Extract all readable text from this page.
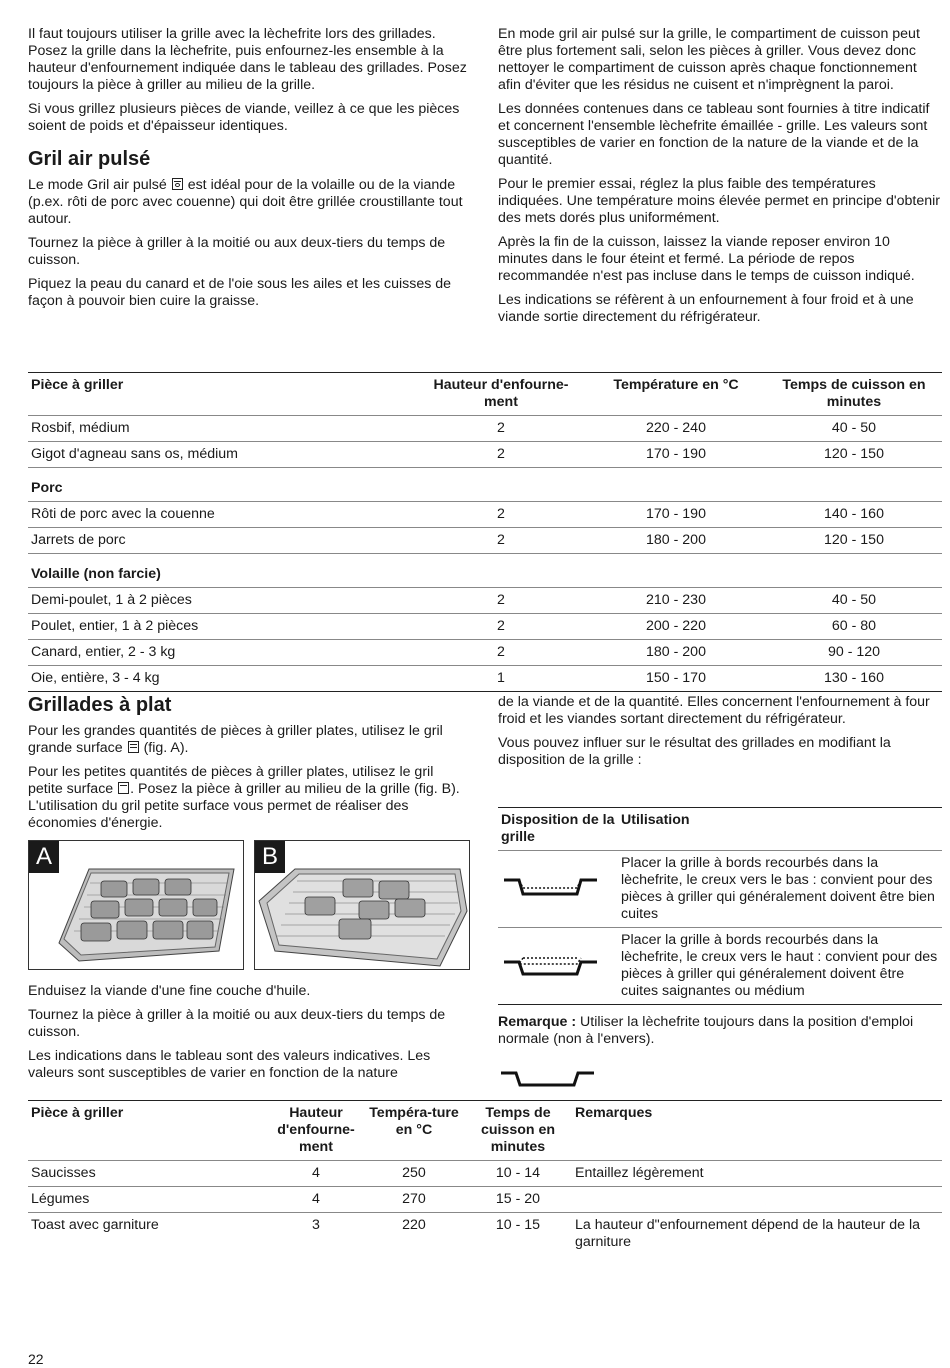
Il faut toujours utiliser la grille avec la lèchefrite lors des grillades. Posez la grille dans la lèchefrite, puis enfournez-les ensemble à la hauteur d'enfournement indiquée dans le tableau des grillades. Posez toujours la pièce à griller au milieu de la grille.

Si vous grillez plusieurs pièces de viande, veillez à ce que les pièces soient de poids et d'épaisseur identiques.

Gril air pulsé

Le mode Gril air pulsé est idéal pour de la volaille ou de la viande (p.ex. rôti de porc avec couenne) qui doit être grillée croustillante tout autour.

Tournez la pièce à griller à la moitié ou aux deux-tiers du temps de cuisson.

Piquez la peau du canard et de l'oie sous les ailes et les cuisses de façon à pouvoir bien cuire la graisse.

En mode gril air pulsé sur la grille, le compartiment de cuisson peut être plus fortement sali, selon les pièces à griller. Vous devez donc nettoyer le compartiment de cuisson après chaque fonctionnement afin d'éviter que les résidus ne cuisent et n'imprègnent la paroi.

Les données contenues dans ce tableau sont fournies à titre indicatif et concernent l'ensemble lèchefrite émaillée - grille. Les valeurs sont susceptibles de varier en fonction de la nature de la viande et de la quantité.

Pour le premier essai, réglez la plus faible des températures indiquées. Une température moins élevée permet en principe d'obtenir des mets dorés plus uniformément.

Après la fin de la cuisson, laissez la viande reposer environ 10 minutes dans le four éteint et fermé. La période de repos recommandée n'est pas incluse dans le temps de cuisson indiqué.

Les indications se réfèrent à un enfournement à four froid et à une viande sortie directement du réfrigérateur.

Pièce à griller	Hauteur d'enfourne-ment	Température en °C	Temps de cuisson en minutes
Rosbif, médium	2	220 - 240	40 - 50
Gigot d'agneau sans os, médium	2	170 - 190	120 - 150
Porc			
Rôti de porc avec la couenne	2	170 - 190	140 - 160
Jarrets de porc	2	180 - 200	120 - 150
Volaille (non farcie)			
Demi-poulet, 1 à 2 pièces	2	210 - 230	40 - 50
Poulet, entier, 1 à 2 pièces	2	200 - 220	60 - 80
Canard, entier, 2 - 3 kg	2	180 - 200	90 - 120
Oie, entière, 3 - 4 kg	1	150 - 170	130 - 160
Grillades à plat

Pour les grandes quantités de pièces à griller plates, utilisez le gril grande surface (fig. A).

Pour les petites quantités de pièces à griller plates, utilisez le gril petite surface . Posez la pièce à griller au milieu de la grille (fig. B). L'utilisation du gril petite surface vous permet de réaliser des économies d'énergie.

A	B

Enduisez la viande d'une fine couche d'huile.

Tournez la pièce à griller à la moitié ou aux deux-tiers du temps de cuisson.

Les indications dans le tableau sont des valeurs indicatives. Les valeurs sont susceptibles de varier en fonction de la nature

de la viande et de la quantité. Elles concernent l'enfournement à four froid et les viandes sortant directement du réfrigérateur.

Vous pouvez influer sur le résultat des grillades en modifiant la disposition de la grille :

Disposition de la grille	Utilisation
	Placer la grille à bords recourbés dans la lèchefrite, le creux vers le bas : convient pour des pièces à griller qui généralement doivent être bien cuites
	Placer la grille à bords recourbés dans la lèchefrite, le creux vers le haut : convient pour des pièces à griller qui généralement doivent être cuites saignantes ou médium

Remarque : Utiliser la lèchefrite toujours dans la position d'emploi normale (non à l'envers).

Pièce à griller	Hauteur d'enfourne-ment	Tempéra-ture en °C	Temps de cuisson en minutes	Remarques
Saucisses	4	250	10 - 14	Entaillez légèrement
Légumes	4	270	15 - 20	
Toast avec garniture	3	220	10 - 15	La hauteur d"enfournement dépend de la hauteur de la garniture
22
